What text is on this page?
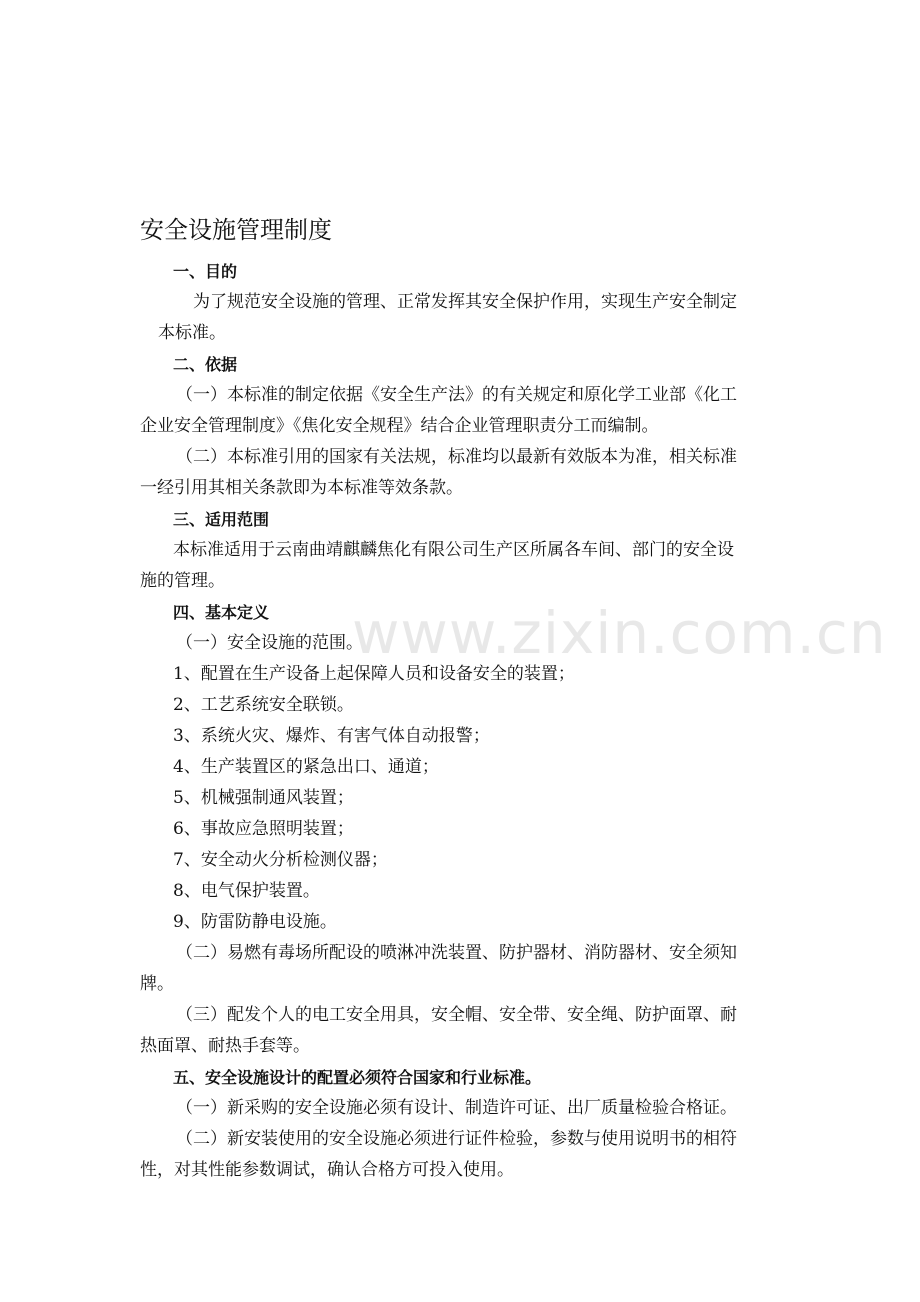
安全设施管理制度
一、目的
为了规范安全设施的管理、正常发挥其安全保护作用，实现生产安全制定
本标准。
二、依据
（一）本标准的制定依据《安全生产法》的有关规定和原化学工业部《化工
企业安全管理制度》《焦化安全规程》结合企业管理职责分工而编制。
（二）本标准引用的国家有关法规，标准均以最新有效版本为准，相关标准
一经引用其相关条款即为本标准等效条款。
三、适用范围
本标准适用于云南曲靖麒麟焦化有限公司生产区所属各车间、部门的安全设
施的管理。
四、基本定义
（一）安全设施的范围。
1、配置在生产设备上起保障人员和设备安全的装置；
2、工艺系统安全联锁。
3、系统火灾、爆炸、有害气体自动报警；
4、生产装置区的紧急出口、通道；
5、机械强制通风装置；
6、事故应急照明装置；
7、安全动火分析检测仪器；
8、电气保护装置。
9、防雷防静电设施。
（二）易燃有毒场所配设的喷淋冲洗装置、防护器材、消防器材、安全须知
牌。
（三）配发个人的电工安全用具，安全帽、安全带、安全绳、防护面罩、耐
热面罩、耐热手套等。
五、安全设施设计的配置必须符合国家和行业标准。
（一）新采购的安全设施必须有设计、制造许可证、出厂质量检验合格证。
（二）新安装使用的安全设施必须进行证件检验，参数与使用说明书的相符
性，对其性能参数调试，确认合格方可投入使用。
www.zixin.com.cn
